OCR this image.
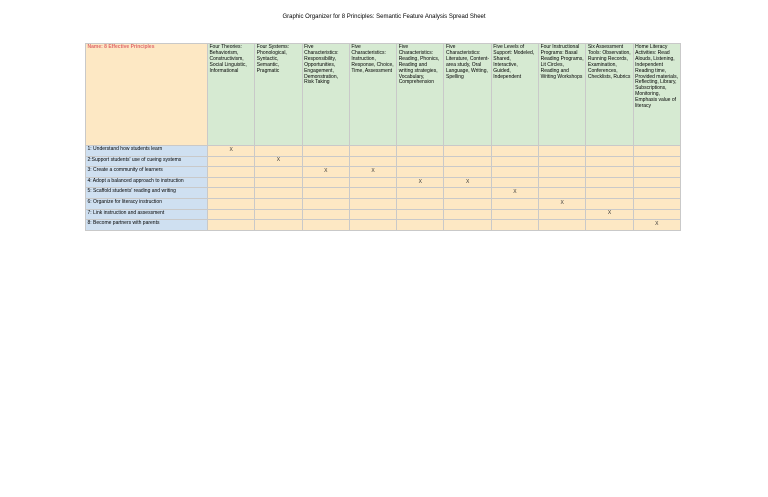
Graphic Organizer for 8 Principles: Semantic Feature Analysis Spread Sheet
Name: 8 Effective Principles	Four Theories: Behaviorism, Constructivism, Social Linguistic, Informational	Four Systems: Phonological, Syntactic, Semantic, Pragmatic	Five Characteristics: Responsibility, Opportunities, Engagement, Demonstration, Risk Taking	Five Characteristics: Instruction, Response, Choice, Time, Assessment	Five Characteristics: Reading, Phonics, Reading and writing strategies, Vocabulary, Comprehension	Five Characteristics: Literature, Content-area study, Oral Language, Writing, Spelling	Five Levels of Support: Modeled, Shared, Interactive, Guided, Independent	Four Instructional Programs: Basal Reading Programs, Lit Circles, Reading and Writing Workshops	Six Assessment Tools: Observation, Running Records, Examination, Conferences, Checklists, Rubrics	Home Literacy Activities: Read Alouds, Listening, Independent Reading time, Provided materials, Reflecting, Library, Subscriptions, Monitoring, Emphasis value of literacy
1: Understand how students learn	X									
2:Support students' use of cueing systems		X								
3: Create a community of learners			X	X						
4: Adopt a balanced approach to instruction					X	X				
5: Scaffold students' reading and writing							X			
6: Organize for literacy instruction								X		
7: Link instruction and assessment									X	
8: Become partners with parents										X
